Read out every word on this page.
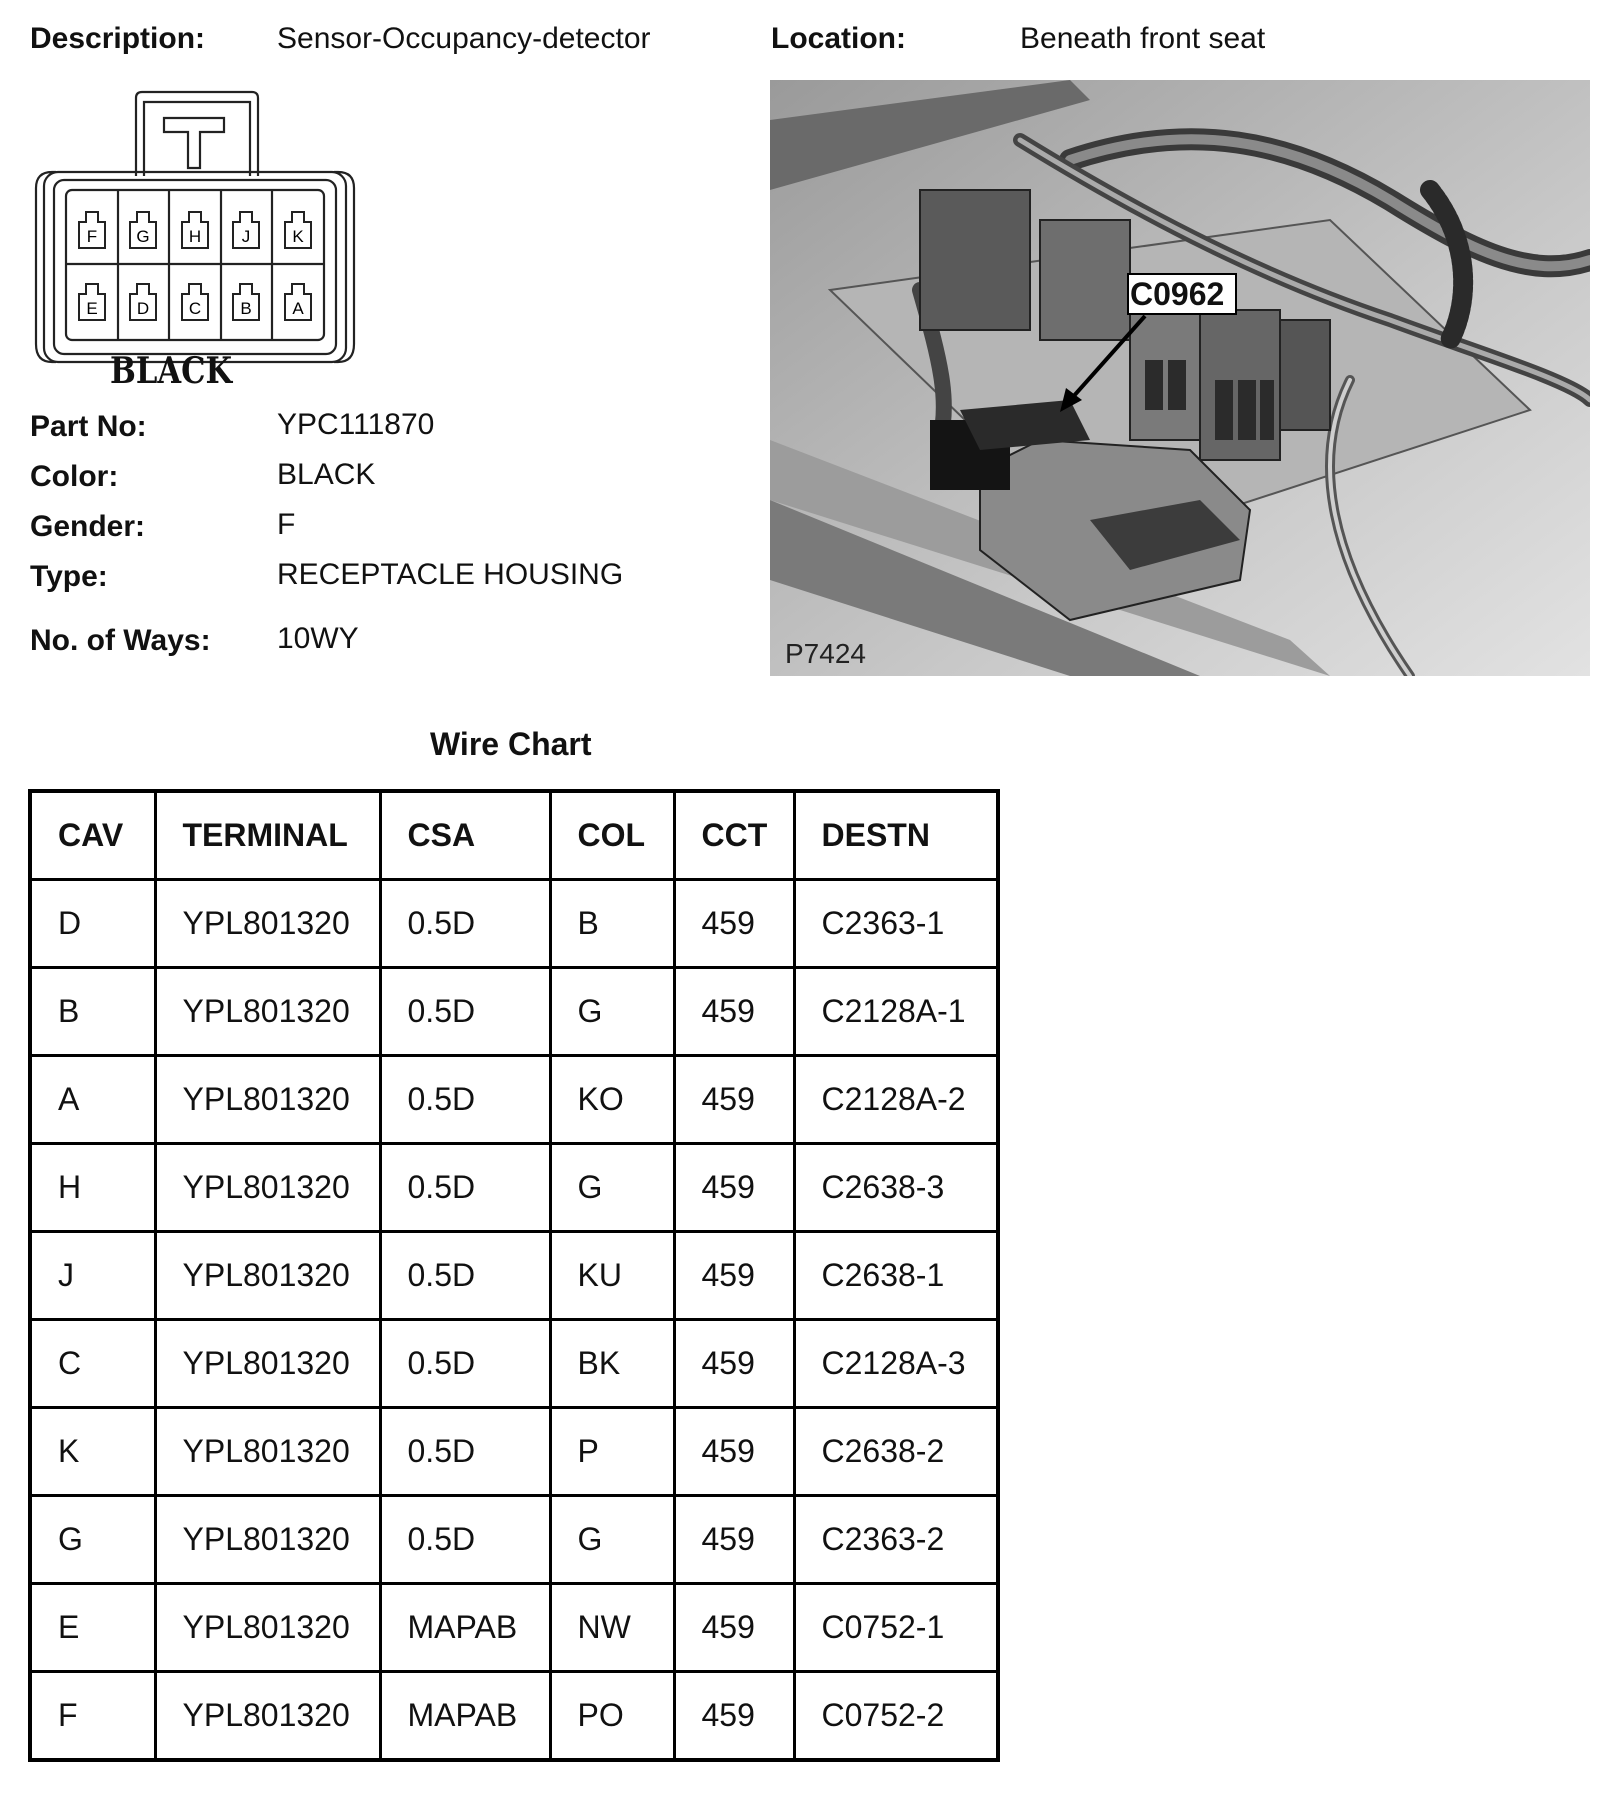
Description: Sensor-Occupancy-detector	Location:	Beneath front seat
F G H J K
E D C B A
BLACK
Part No:	YPC111870
Color:	BLACK
Gender:	F
Type:	RECEPTACLE HOUSING
No. of Ways: 10WY
C0962
P7424
Wire Chart
CAV	TERMINAL	CSA	COL	CCT	DESTN
D	YPL801320	0.5D	B	459	C2363-1
B	YPL801320	0.5D	G	459	C2128A-1
A	YPL801320	0.5D	KO	459	C2128A-2
H	YPL801320	0.5D	G	459	C2638-3
J	YPL801320	0.5D	KU	459	C2638-1
C	YPL801320	0.5D	BK	459	C2128A-3
K	YPL801320	0.5D	P	459	C2638-2
G	YPL801320	0.5D	G	459	C2363-2
E	YPL801320	MAPAB	NW	459	C0752-1
F	YPL801320	MAPAB	PO	459	C0752-2
